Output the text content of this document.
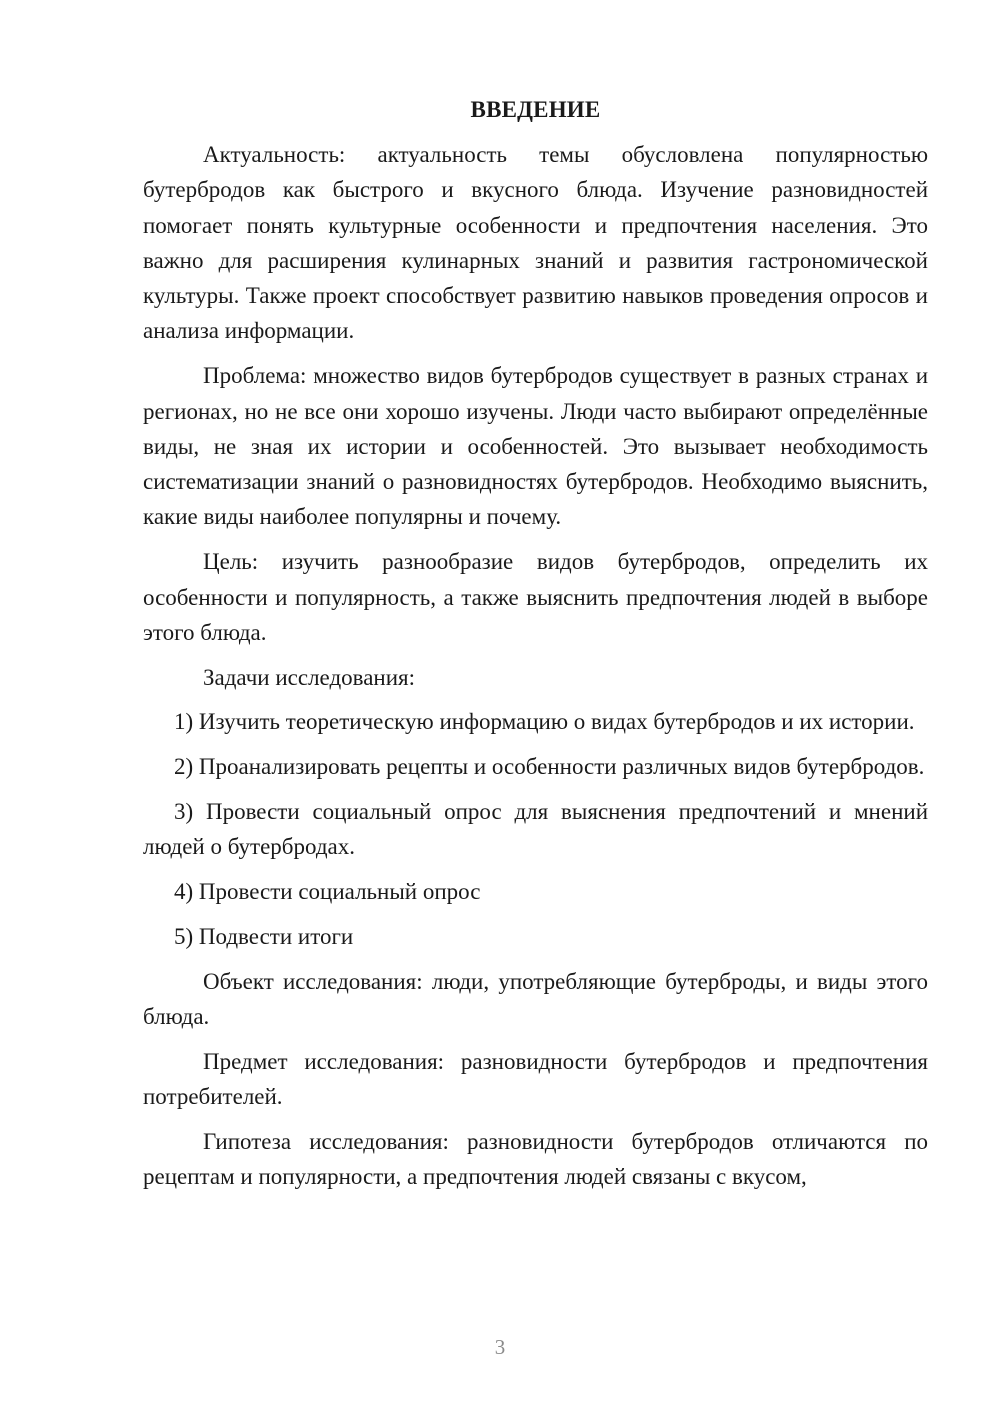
ВВЕДЕНИЕ
Актуальность: актуальность темы обусловлена популярностью бутербродов как быстрого и вкусного блюда. Изучение разновидностей помогает понять культурные особенности и предпочтения населения. Это важно для расширения кулинарных знаний и развития гастрономической культуры. Также проект способствует развитию навыков проведения опросов и анализа информации.
Проблема: множество видов бутербродов существует в разных странах и регионах, но не все они хорошо изучены. Люди часто выбирают определённые виды, не зная их истории и особенностей. Это вызывает необходимость систематизации знаний о разновидностях бутербродов. Необходимо выяснить, какие виды наиболее популярны и почему.
Цель: изучить разнообразие видов бутербродов, определить их особенности и популярность, а также выяснить предпочтения людей в выборе этого блюда.
Задачи исследования:
1) Изучить теоретическую информацию о видах бутербродов и их истории.
2) Проанализировать рецепты и особенности различных видов бутербродов.
3) Провести социальный опрос для выяснения предпочтений и мнений людей о бутербродах.
4) Провести социальный опрос
5) Подвести итоги
Объект исследования: люди, употребляющие бутерброды, и виды этого блюда.
Предмет исследования: разновидности бутербродов и предпочтения потребителей.
Гипотеза исследования: разновидности бутербродов отличаются по рецептам и популярности, а предпочтения людей связаны с вкусом,
3
